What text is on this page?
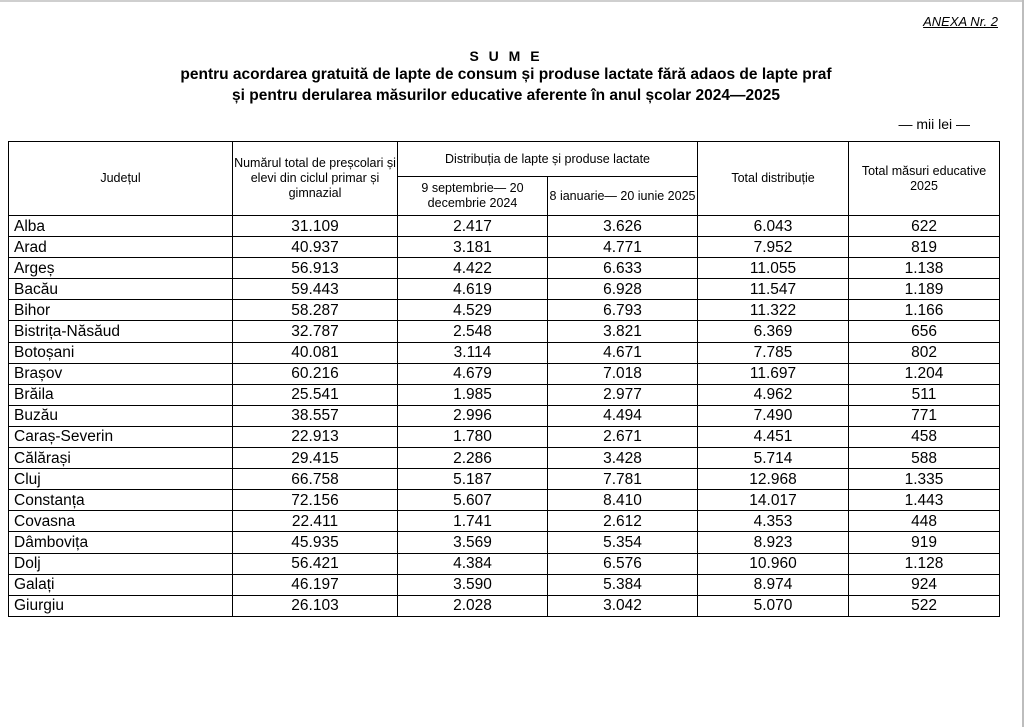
ANEXA Nr. 2
S U M E
pentru acordarea gratuită de lapte de consum și produse lactate fără adaos de lapte praf
și pentru derularea măsurilor educative aferente în anul școlar 2024—2025
— mii lei —
Județul	Numărul total de preșcolari și elevi din ciclul primar și gimnazial	Distribuția de lapte și produse lactate		Total distribuție	Total măsuri educative 2025
		9 septembrie— 20 decembrie 2024	8 ianuarie— 20 iunie 2025		
Alba	31.109	2.417	3.626	6.043	622
Arad	40.937	3.181	4.771	7.952	819
Argeș	56.913	4.422	6.633	11.055	1.138
Bacău	59.443	4.619	6.928	11.547	1.189
Bihor	58.287	4.529	6.793	11.322	1.166
Bistrița-Năsăud	32.787	2.548	3.821	6.369	656
Botoșani	40.081	3.114	4.671	7.785	802
Brașov	60.216	4.679	7.018	11.697	1.204
Brăila	25.541	1.985	2.977	4.962	511
Buzău	38.557	2.996	4.494	7.490	771
Caraș-Severin	22.913	1.780	2.671	4.451	458
Călărași	29.415	2.286	3.428	5.714	588
Cluj	66.758	5.187	7.781	12.968	1.335
Constanța	72.156	5.607	8.410	14.017	1.443
Covasna	22.411	1.741	2.612	4.353	448
Dâmbovița	45.935	3.569	5.354	8.923	919
Dolj	56.421	4.384	6.576	10.960	1.128
Galați	46.197	3.590	5.384	8.974	924
Giurgiu	26.103	2.028	3.042	5.070	522
